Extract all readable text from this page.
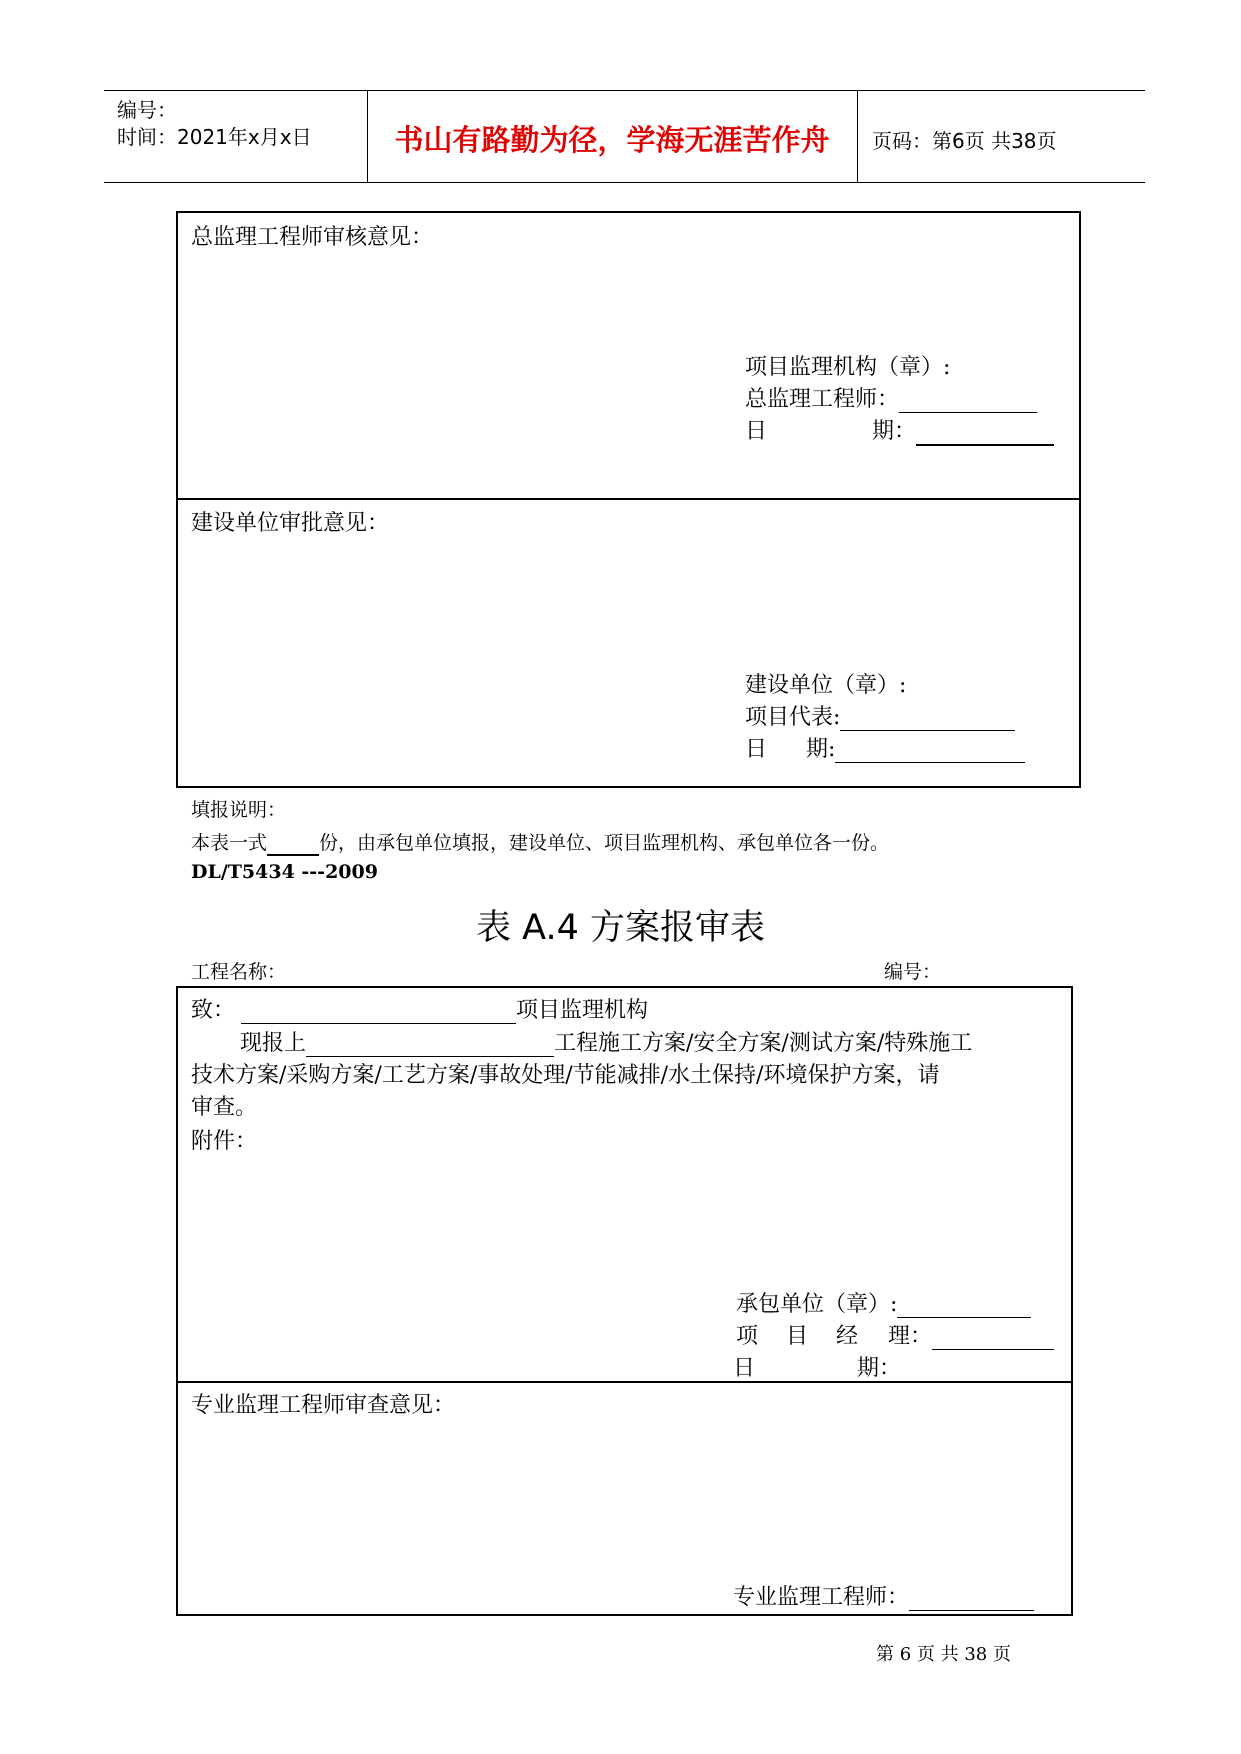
编号：
时间：2021年x月x日	书山有路勤为径，学海无涯苦作舟	页码：第6页 共38页
总监理工程师审核意见：
项目监理机构（章）:
总监理工程师：
日	期：
建设单位审批意见：
建设单位（章）:
项目代表:
日 期:
填报说明：
本表一式	份，由承包单位填报，建设单位、项目监理机构、承包单位各一份。
DL/T5434 ---2009
表 A.4 方案报审表
工程名称：	编号：
致：	项目监理机构
现报上	工程施工方案/安全方案/测试方案/特殊施工
技术方案/采购方案/工艺方案/事故处理/节能减排/水土保持/环境保护方案，请
审查。
附件：
承包单位（章）:
项 目 经 理：
日	期：
专业监理工程师审查意见：
专业监理工程师：
第 6 页 共 38 页
